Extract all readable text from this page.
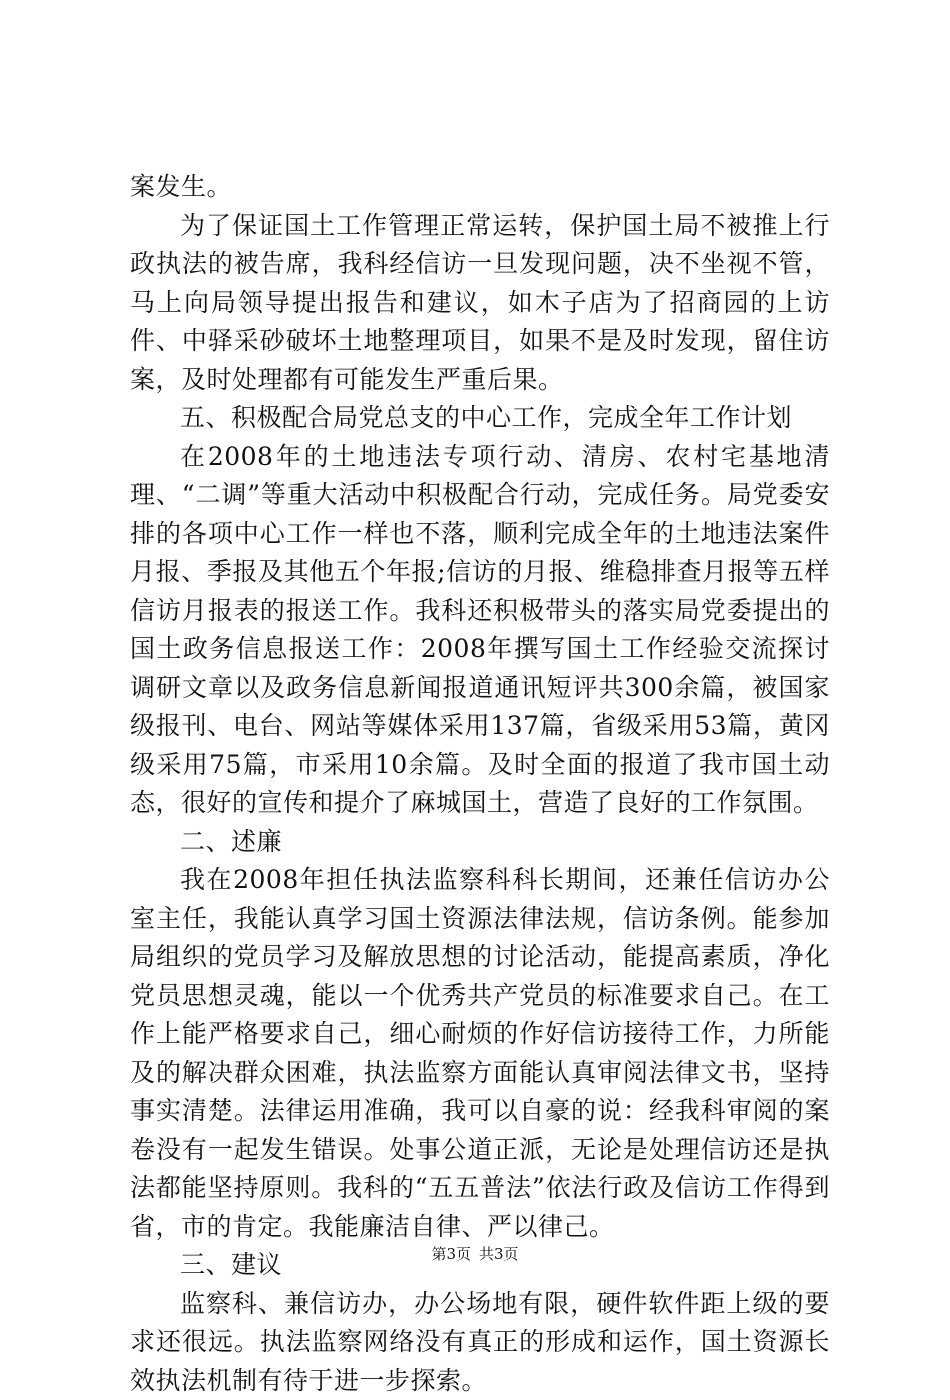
案发生。

为了保证国土工作管理正常运转，保护国土局不被推上行政执法的被告席，我科经信访一旦发现问题，决不坐视不管，马上向局领导提出报告和建议，如木子店为了招商园的上访件、中驿采砂破坏土地整理项目，如果不是及时发现，留住访案，及时处理都有可能发生严重后果。

五、积极配合局党总支的中心工作，完成全年工作计划

在2008年的土地违法专项行动、清房、农村宅基地清理、“二调”等重大活动中积极配合行动，完成任务。局党委安排的各项中心工作一样也不落，顺利完成全年的土地违法案件月报、季报及其他五个年报;信访的月报、维稳排查月报等五样信访月报表的报送工作。我科还积极带头的落实局党委提出的国土政务信息报送工作：2008年撰写国土工作经验交流探讨调研文章以及政务信息新闻报道通讯短评共300余篇，被国家级报刊、电台、网站等媒体采用137篇，省级采用53篇，黄冈级采用75篇，市采用10余篇。及时全面的报道了我市国土动态，很好的宣传和提介了麻城国土，营造了良好的工作氛围。

二、述廉

我在2008年担任执法监察科科长期间，还兼任信访办公室主任，我能认真学习国土资源法律法规，信访条例。能参加局组织的党员学习及解放思想的讨论活动，能提高素质，净化党员思想灵魂，能以一个优秀共产党员的标准要求自己。在工作上能严格要求自己，细心耐烦的作好信访接待工作，力所能及的解决群众困难，执法监察方面能认真审阅法律文书，坚持事实清楚。法律运用准确，我可以自豪的说：经我科审阅的案卷没有一起发生错误。处事公道正派，无论是处理信访还是执法都能坚持原则。我科的“五五普法”依法行政及信访工作得到省，市的肯定。我能廉洁自律、严以律己。

三、建议

监察科、兼信访办，办公场地有限，硬件软件距上级的要求还很远。执法监察网络没有真正的形成和运作，国土资源长效执法机制有待于进一步探索。

第3页 共3页
